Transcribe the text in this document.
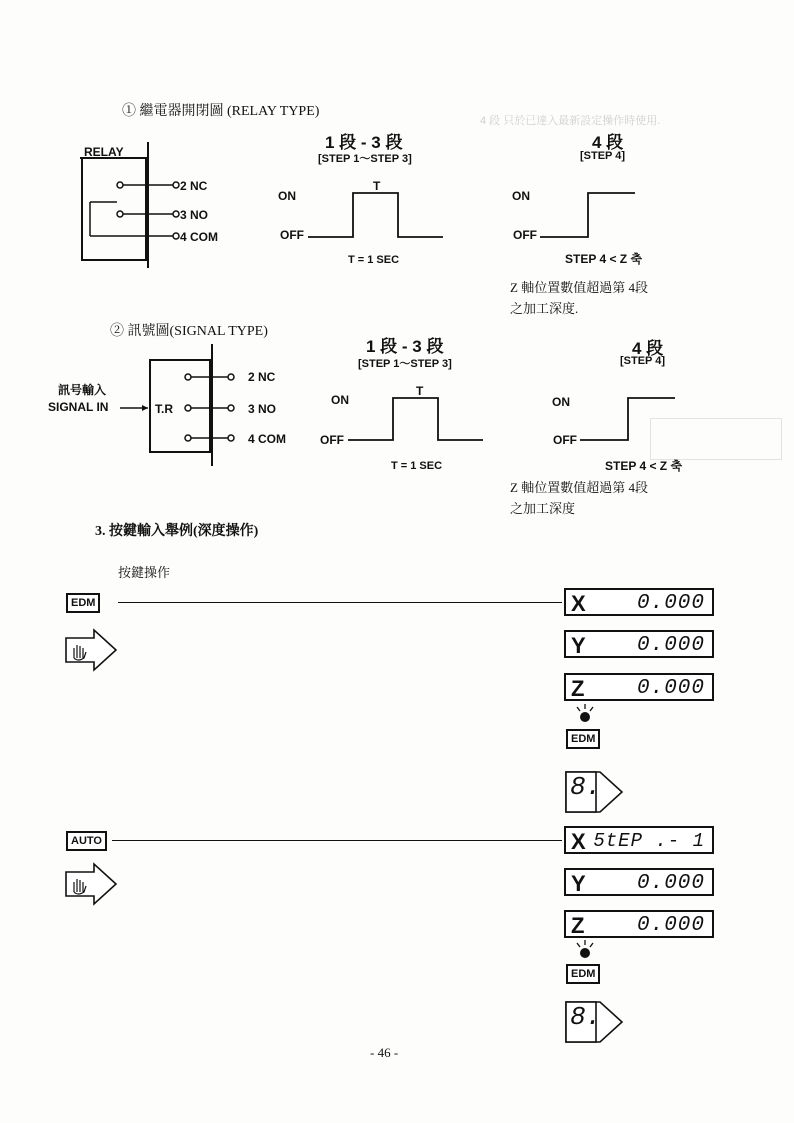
4 段 只於已達入最新設定操作時使用.
① 繼電器開閉圖 (RELAY TYPE)
RELAY
2 NC
3 NO
4 COM
1 段 - 3 段
[STEP 1～STEP 3]
ON
OFF
T
T = 1 SEC
4 段
[STEP 4]
ON
OFF
STEP 4 < Z 축
Z 軸位置數值超過第 4段
之加工深度.
② 訊號圖(SIGNAL TYPE)
訊号輸入
SIGNAL IN	T.R
2 NC
3 NO
4 COM
1 段 - 3 段
[STEP 1～STEP 3]
ON
OFF
T
T = 1 SEC
4 段
[STEP 4]
ON
OFF
STEP 4 < Z 축
Z 軸位置數值超過第 4段
之加工深度
3. 按鍵輸入舉例(深度操作)
按鍵操作
EDM	X 0.000
Y 0.000
Z	0.000
EDM
8.
AUTO	X 5tEP .- 1
Y 0.000
Z	0.000
EDM
8.
- 46 -
